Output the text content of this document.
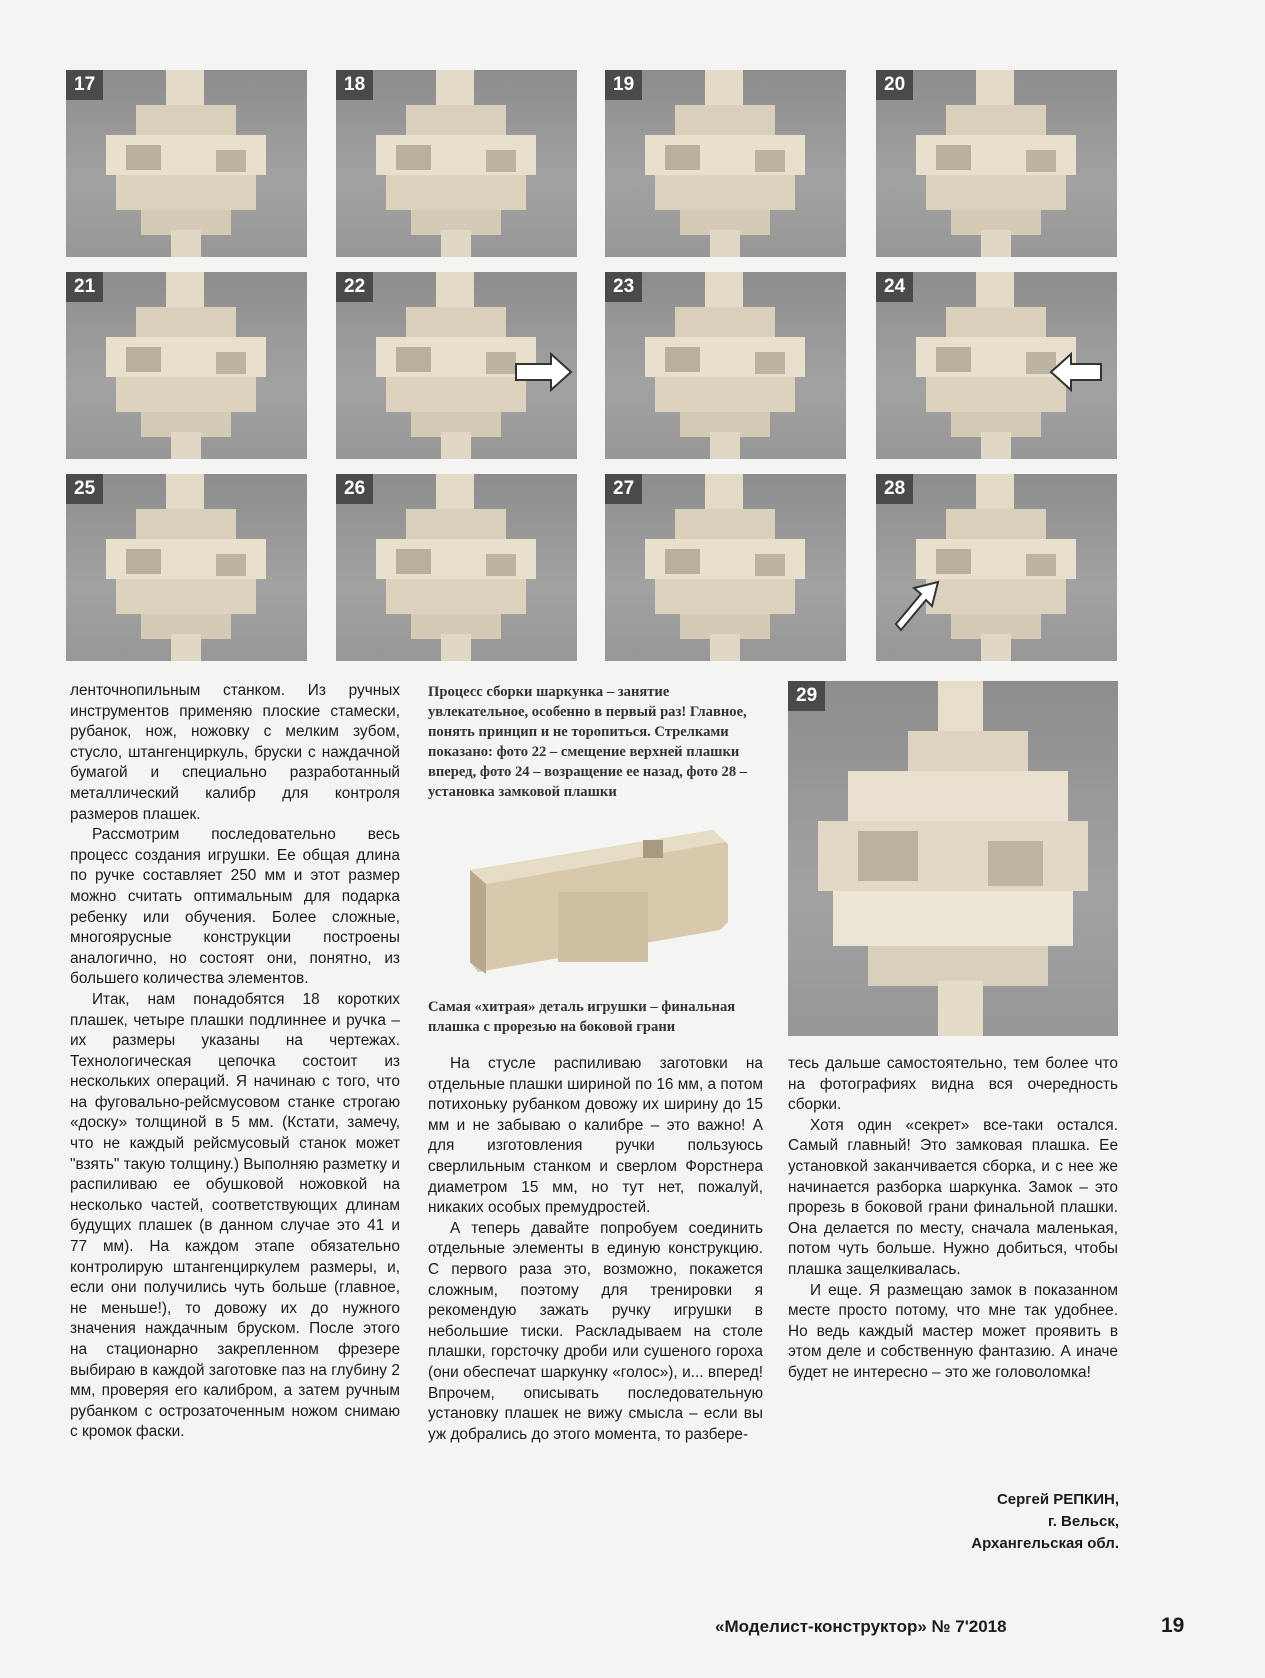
17	18	19	20
21	22	23	24
25	26	27	28
29

ленточнопильным станком. Из ручных инструментов применяю плоские стамески, рубанок, нож, ножовку с мелким зубом, стусло, штангенциркуль, бруски с наждачной бумагой и специально разработанный металлический калибр для контроля размеров плашек.

Рассмотрим последовательно весь процесс создания игрушки. Ее общая длина по ручке составляет 250 мм и этот размер можно считать оптимальным для подарка ребенку или обучения. Более сложные, многоярусные конструкции построены аналогично, но состоят они, понятно, из большего количества элементов.

Итак, нам понадобятся 18 коротких плашек, четыре плашки подлиннее и ручка – их размеры указаны на чертежах. Технологическая цепочка состоит из нескольких операций. Я начинаю с того, что на фуговально-рейсмусовом станке строгаю «доску» толщиной в 5 мм. (Кстати, замечу, что не каждый рейсмусовый станок может "взять" такую толщину.) Выполняю разметку и распиливаю ее обушковой ножовкой на несколько частей, соответствующих длинам будущих плашек (в данном случае это 41 и 77 мм). На каждом этапе обязательно контролирую штангенциркулем размеры, и, если они получились чуть больше (главное, не меньше!), то довожу их до нужного значения наждачным бруском. После этого на стационарно закрепленном фрезере выбираю в каждой заготовке паз на глубину 2 мм, проверяя его калибром, а затем ручным рубанком с острозаточенным ножом снимаю с кромок фаски.

Процесс сборки шаркунка – занятие увлекательное, особенно в первый раз! Главное, понять принцип и не торопиться. Стрелками показано: фото 22 – смещение верхней плашки вперед, фото 24 – возращение ее назад, фото 28 – установка замковой плашки
Самая «хитрая» деталь игрушки – финальная плашка с прорезью на боковой грани

На стусле распиливаю заготовки на отдельные плашки шириной по 16 мм, а потом потихоньку рубанком довожу их ширину до 15 мм и не забываю о калибре – это важно! А для изготовления ручки пользуюсь сверлильным станком и сверлом Форстнера диаметром 15 мм, но тут нет, пожалуй, никаких особых премудростей.

А теперь давайте попробуем соединить отдельные элементы в единую конструкцию. С первого раза это, возможно, покажется сложным, поэтому для тренировки я рекомендую зажать ручку игрушки в небольшие тиски. Раскладываем на столе плашки, горсточку дроби или сушеного гороха (они обеспечат шаркунку «голос»), и... вперед! Впрочем, описывать последовательную установку плашек не вижу смысла – если вы уж добрались до этого момента, то разбере-

тесь дальше самостоятельно, тем более что на фотографиях видна вся очередность сборки.

Хотя один «секрет» все-таки остался. Самый главный! Это замковая плашка. Ее установкой заканчивается сборка, и с нее же начинается разборка шаркунка. Замок – это прорезь в боковой грани финальной плашки. Она делается по месту, сначала маленькая, потом чуть больше. Нужно добиться, чтобы плашка защелкивалась.

И еще. Я размещаю замок в показанном месте просто потому, что мне так удобнее. Но ведь каждый мастер может проявить в этом деле и собственную фантазию. А иначе будет не интересно – это же головоломка!

Сергей РЕПКИН,
г. Вельск,
Архангельская обл.
«Моделист-конструктор» № 7'2018	19
